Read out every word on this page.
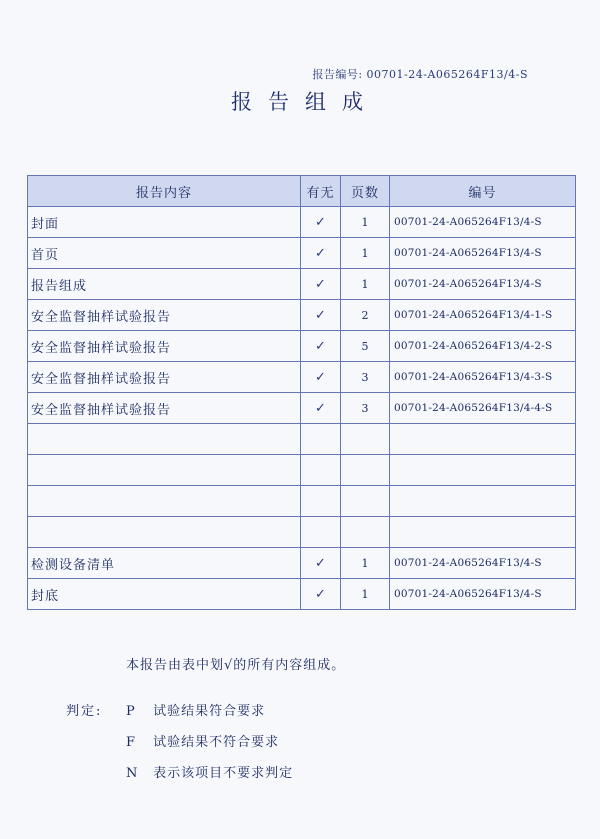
报告编号: 00701-24-A065264F13/4-S
报告组成
报告内容	有无	页数	编号
封面	✓	1	00701-24-A065264F13/4-S
首页	✓	1	00701-24-A065264F13/4-S
报告组成	✓	1	00701-24-A065264F13/4-S
安全监督抽样试验报告	✓	2	00701-24-A065264F13/4-1-S
安全监督抽样试验报告	✓	5	00701-24-A065264F13/4-2-S
安全监督抽样试验报告	✓	3	00701-24-A065264F13/4-3-S
安全监督抽样试验报告	✓	3	00701-24-A065264F13/4-4-S

检测设备清单	✓	1	00701-24-A065264F13/4-S
封底	✓	1	00701-24-A065264F13/4-S
本报告由表中划√的所有内容组成。
判定: P 试验结果符合要求
F 试验结果不符合要求
N 表示该项目不要求判定
